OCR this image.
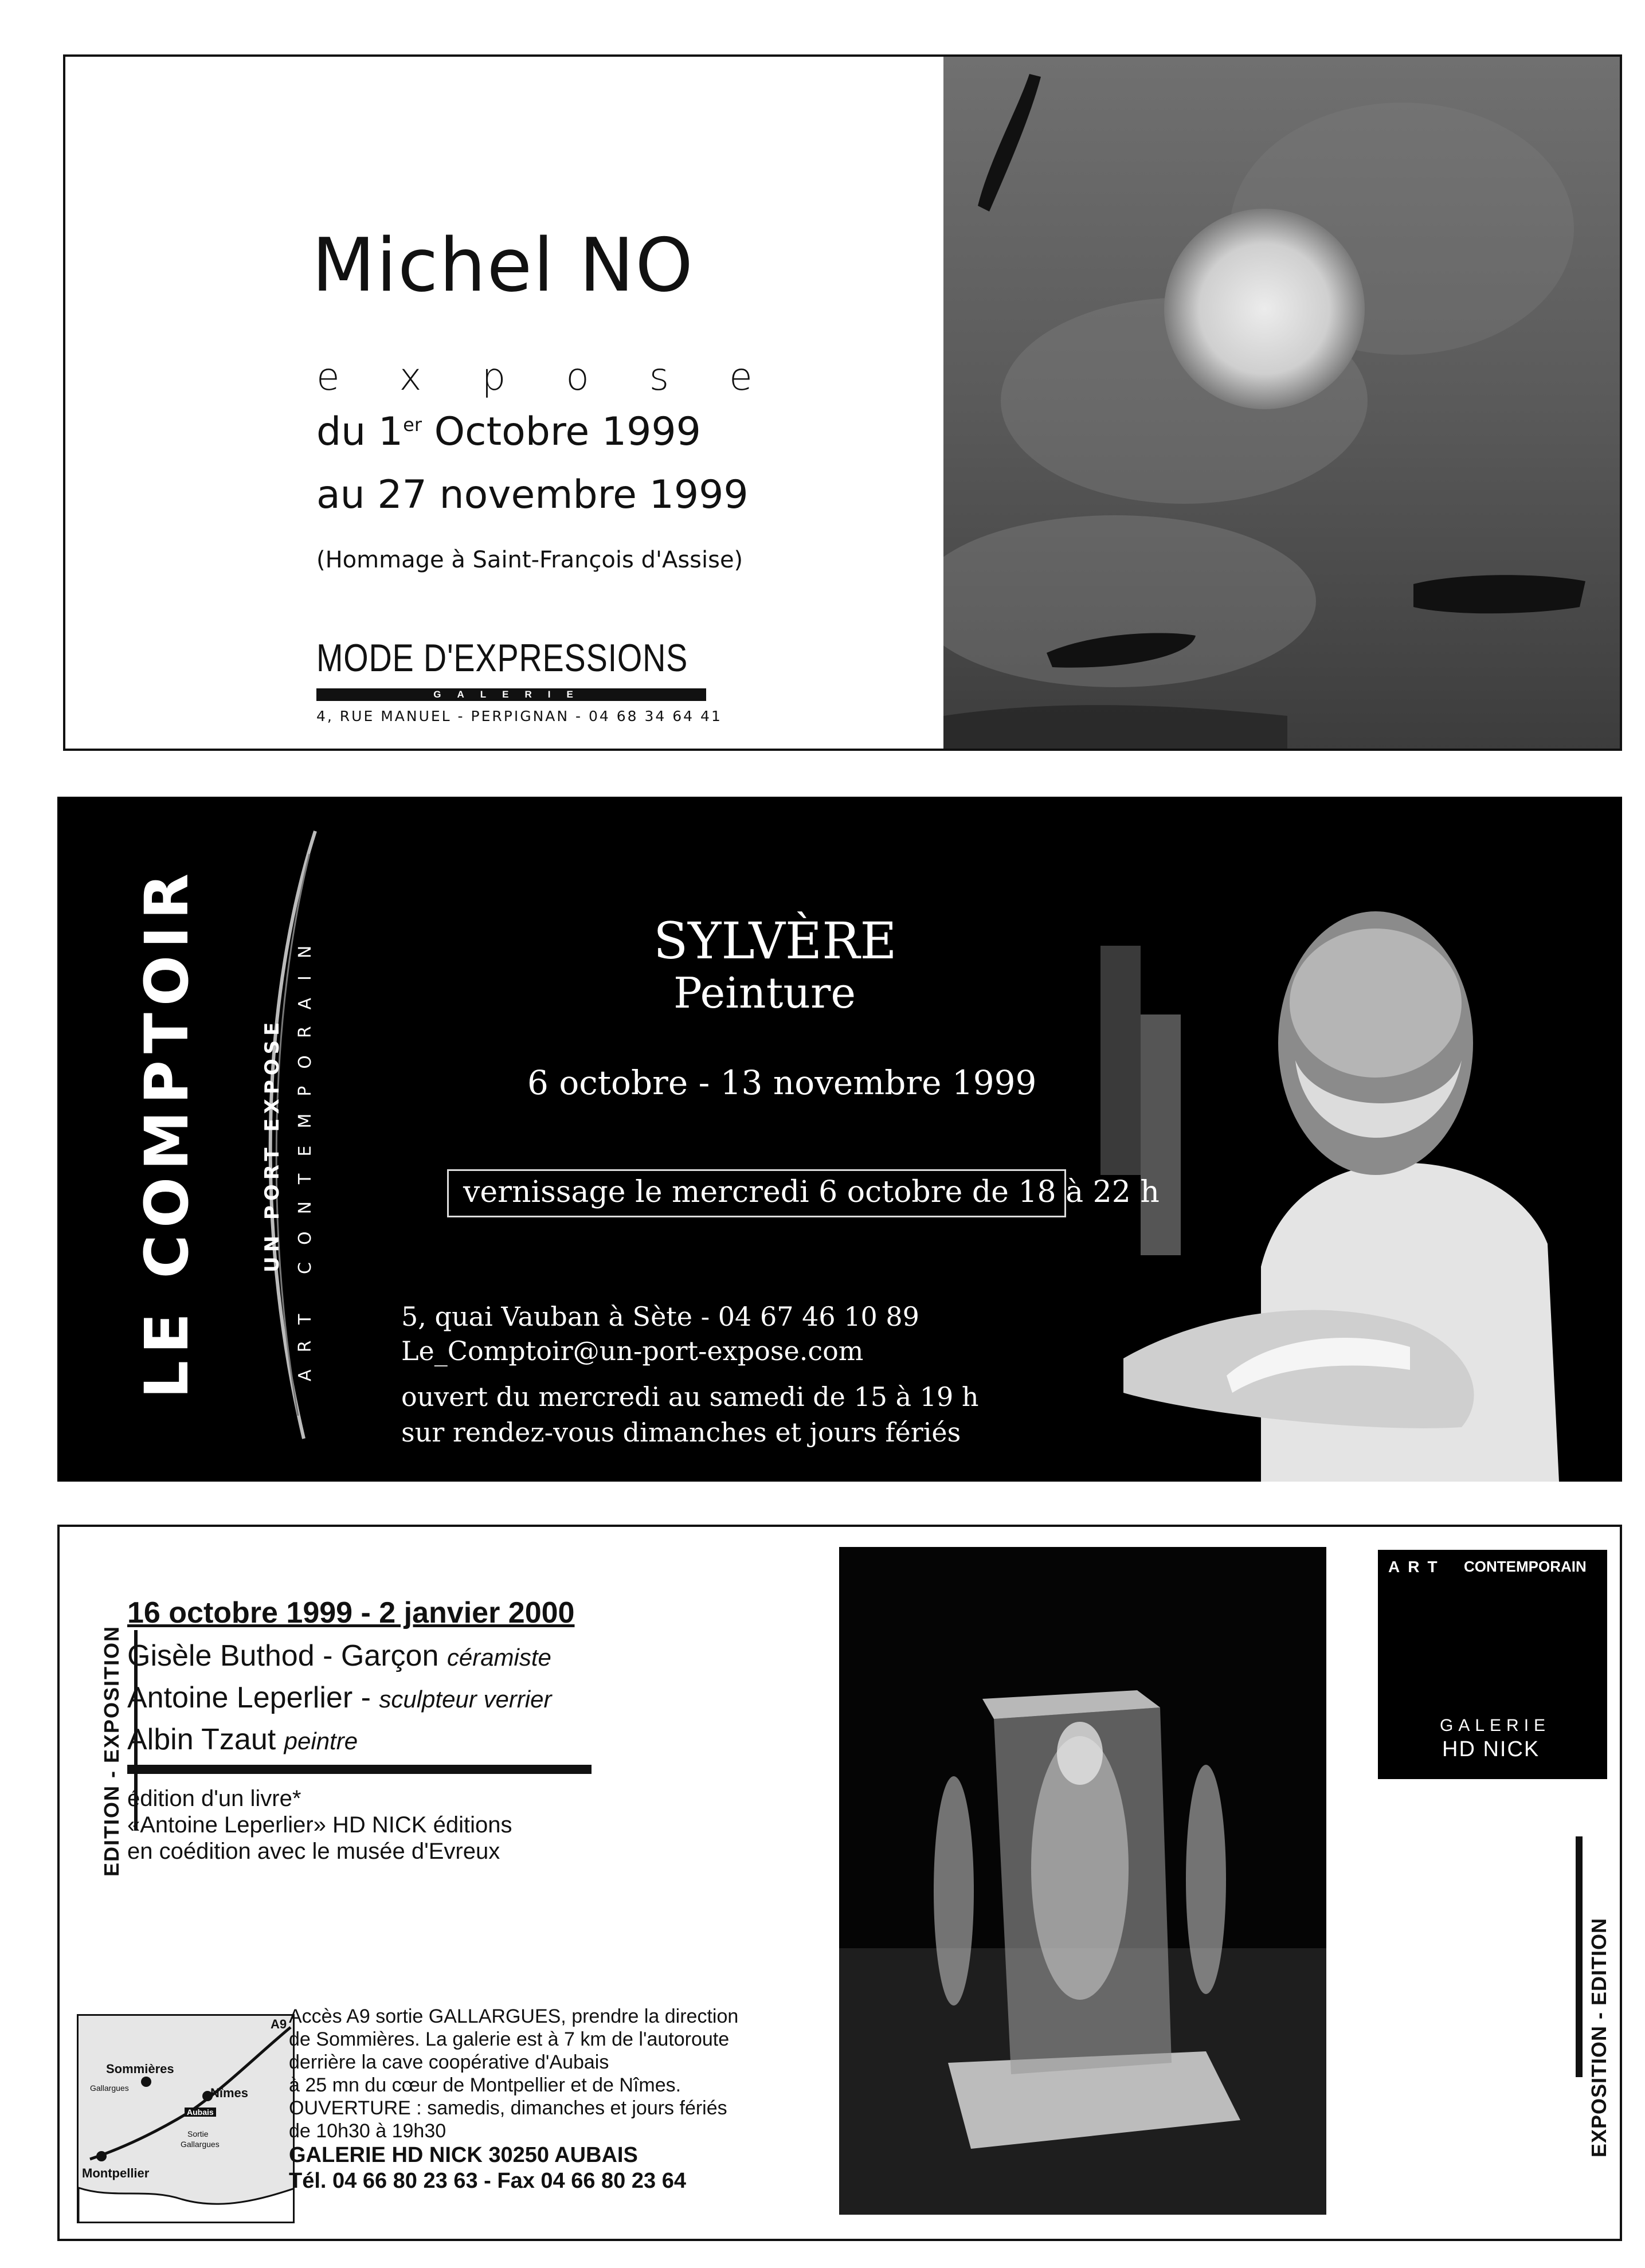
Michel NO
expose
du 1er Octobre 1999
au 27 novembre 1999
(Hommage à Saint-François d'Assise)
MODE D'EXPRESSIONS
GALERIE
4, RUE MANUEL - PERPIGNAN - 04 68 34 64 41
LE COMPTOIR	UN PORT EXPOSE ART CONTEMPORAIN	SYLVÈRE
Peinture
6 octobre - 13 novembre 1999
vernissage le mercredi 6 octobre de 18 à 22 h
5, quai Vauban à Sète - 04 67 46 10 89
Le_Comptoir@un-port-expose.com
ouvert du mercredi au samedi de 15 à 19 h
sur rendez-vous dimanches et jours fériés
EDITION - EXPOSITION
16 octobre 1999 - 2 janvier 2000
Gisèle Buthod - Garçon céramiste
Antoine Leperlier - sculpteur verrier
Albin Tzaut peintre
édition d'un livre*
«Antoine Leperlier» HD NICK éditions
en coédition avec le musée d'Evreux
A9
Sommières
Gallargues	Nîmes
Aubais
Sortie
Gallargues
Montpellier
Accès A9 sortie GALLARGUES, prendre la direction
de Sommières. La galerie est à 7 km de l'autoroute
derrière la cave coopérative d'Aubais
à 25 mn du cœur de Montpellier et de Nîmes.
OUVERTURE : samedis, dimanches et jours fériés
de 10h30 à 19h30
GALERIE HD NICK 30250 AUBAIS
Tél. 04 66 80 23 63 - Fax 04 66 80 23 64
ART CONTEMPORAIN
GALERIE
HD NICK
EXPOSITION - EDITION
